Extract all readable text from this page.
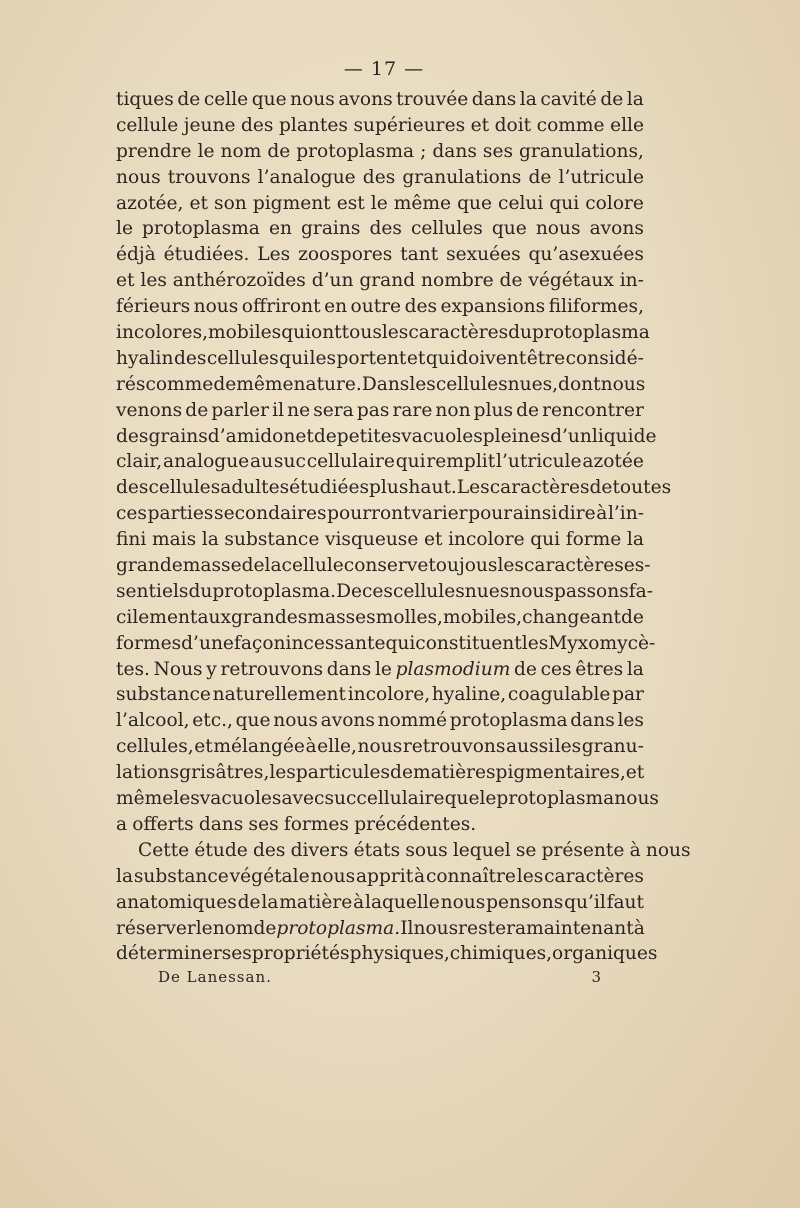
— 17 —
tiques de celle que nous avons trouvée dans la cavité de la
cellule jeune des plantes supérieures et doit comme elle
prendre le nom de protoplasma ; dans ses granulations,
nous trouvons l’analogue des granulations de l’utricule
azotée, et son pigment est le même que celui qui colore
le protoplasma en grains des cellules que nous avons
édjà étudiées. Les zoospores tant sexuées qu’asexuées
et les anthérozoïdes d’un grand nombre de végétaux in-
férieurs nous offriront en outre des expansions filiformes,
incolores, mobiles qui ont tous les caractères du protoplasma
hyalin des cellules qui les portent et qui doivent être considé-
rés comme de même nature. Dans les cellules nues, dont nous
venons de parler il ne sera pas rare non plus de rencontrer
des grains d’amidon et de petites vacuoles pleines d’un liquide
clair, analogue au suc cellulaire qui remplit l’utricule azotée
des cellules adultes étudiées plus haut. Les caractères de toutes
ces parties secondaires pourront varier pour ainsi dire à l’in-
fini mais la substance visqueuse et incolore qui forme la
grande masse de la cellule conserve toujous les caractères es-
sentiels du protoplasma. De ces cellules nues nous passons fa-
cilement aux grandes masses molles, mobiles, changeant de
formes d’une façon incessante qui constituent les Myxomycè-
tes. Nous y retrouvons dans le plasmodium de ces êtres la
substance naturellement incolore, hyaline, coagulable par
l’alcool, etc., que nous avons nommé protoplasma dans les
cellules, et mélangée à elle, nous retrouvons aussi les granu-
lations grisâtres, les particules de matières pigmentaires, et
même les vacuoles avec suc cellulaire que le protoplasma nous
a offerts dans ses formes précédentes.
Cette étude des divers états sous lequel se présente à nous
la substance végétale nous apprit à connaître les caractères
anatomiques de la matière à laquelle nous pensons qu’il faut
réserver le nom de protoplasma. Il nous restera maintenant à
déterminer ses propriétés physiques, chimiques, organiques
De Lanessan.	3
